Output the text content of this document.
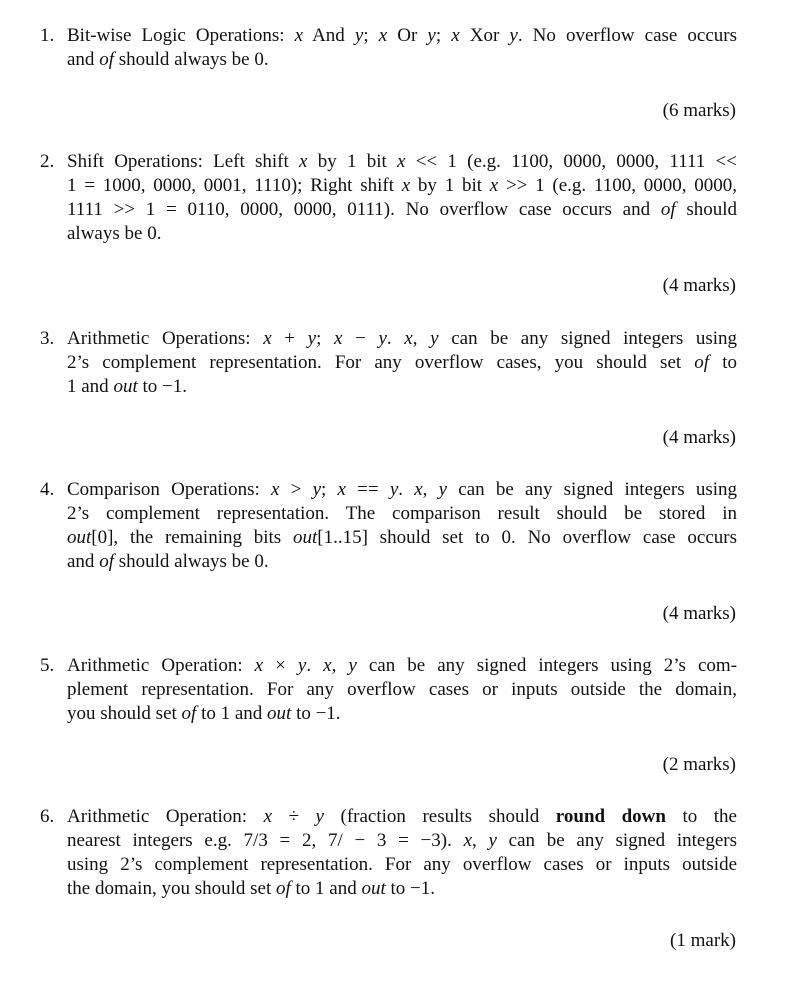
1. Bit-wise Logic Operations: x And y; x Or y; x Xor y. No overflow case occurs
and of should always be 0.
(6 marks)
2. Shift Operations: Left shift x by 1 bit x << 1 (e.g. 1100, 0000, 0000, 1111 <<
1 = 1000, 0000, 0001, 1110); Right shift x by 1 bit x >> 1 (e.g. 1100, 0000, 0000,
1111 >> 1 = 0110, 0000, 0000, 0111). No overflow case occurs and of should
always be 0.
(4 marks)
3. Arithmetic Operations: x + y; x − y. x, y can be any signed integers using
2’s complement representation. For any overflow cases, you should set of to
1 and out to −1.
(4 marks)
4. Comparison Operations: x > y; x == y. x, y can be any signed integers using
2’s complement representation. The comparison result should be stored in
out[0], the remaining bits out[1..15] should set to 0. No overflow case occurs
and of should always be 0.
(4 marks)
5. Arithmetic Operation: x × y. x, y can be any signed integers using 2’s com-
plement representation. For any overflow cases or inputs outside the domain,
you should set of to 1 and out to −1.
(2 marks)
6. Arithmetic Operation: x ÷ y (fraction results should round down to the
nearest integers e.g. 7/3 = 2, 7/ − 3 = −3). x, y can be any signed integers
using 2’s complement representation. For any overflow cases or inputs outside
the domain, you should set of to 1 and out to −1.
(1 mark)
